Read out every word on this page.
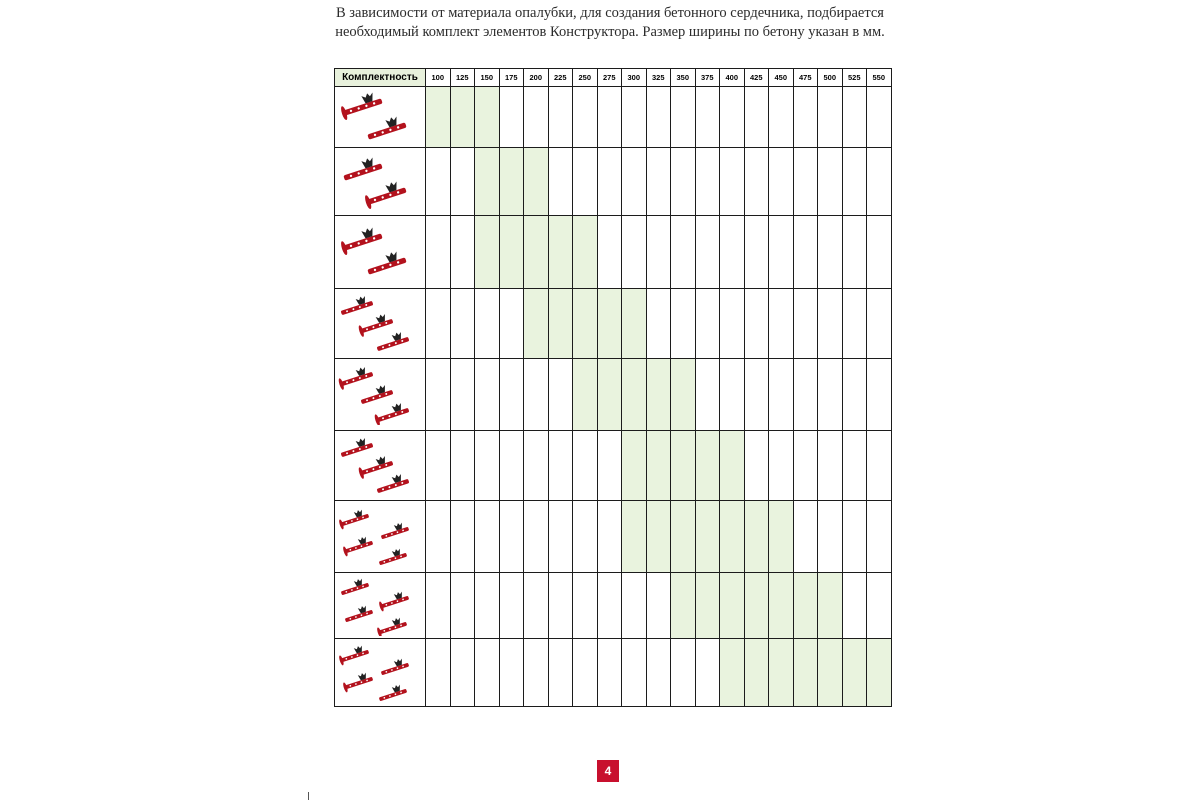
В зависимости от материала опалубки, для создания бетонного сердечника, подбирается

необходимый комплект элементов Конструктора. Размер ширины по бетону указан в мм.

Комплектность	100	125	150	175	200	225	250	275	300	325	350	375	400	425	450	475	500	525	550

4
